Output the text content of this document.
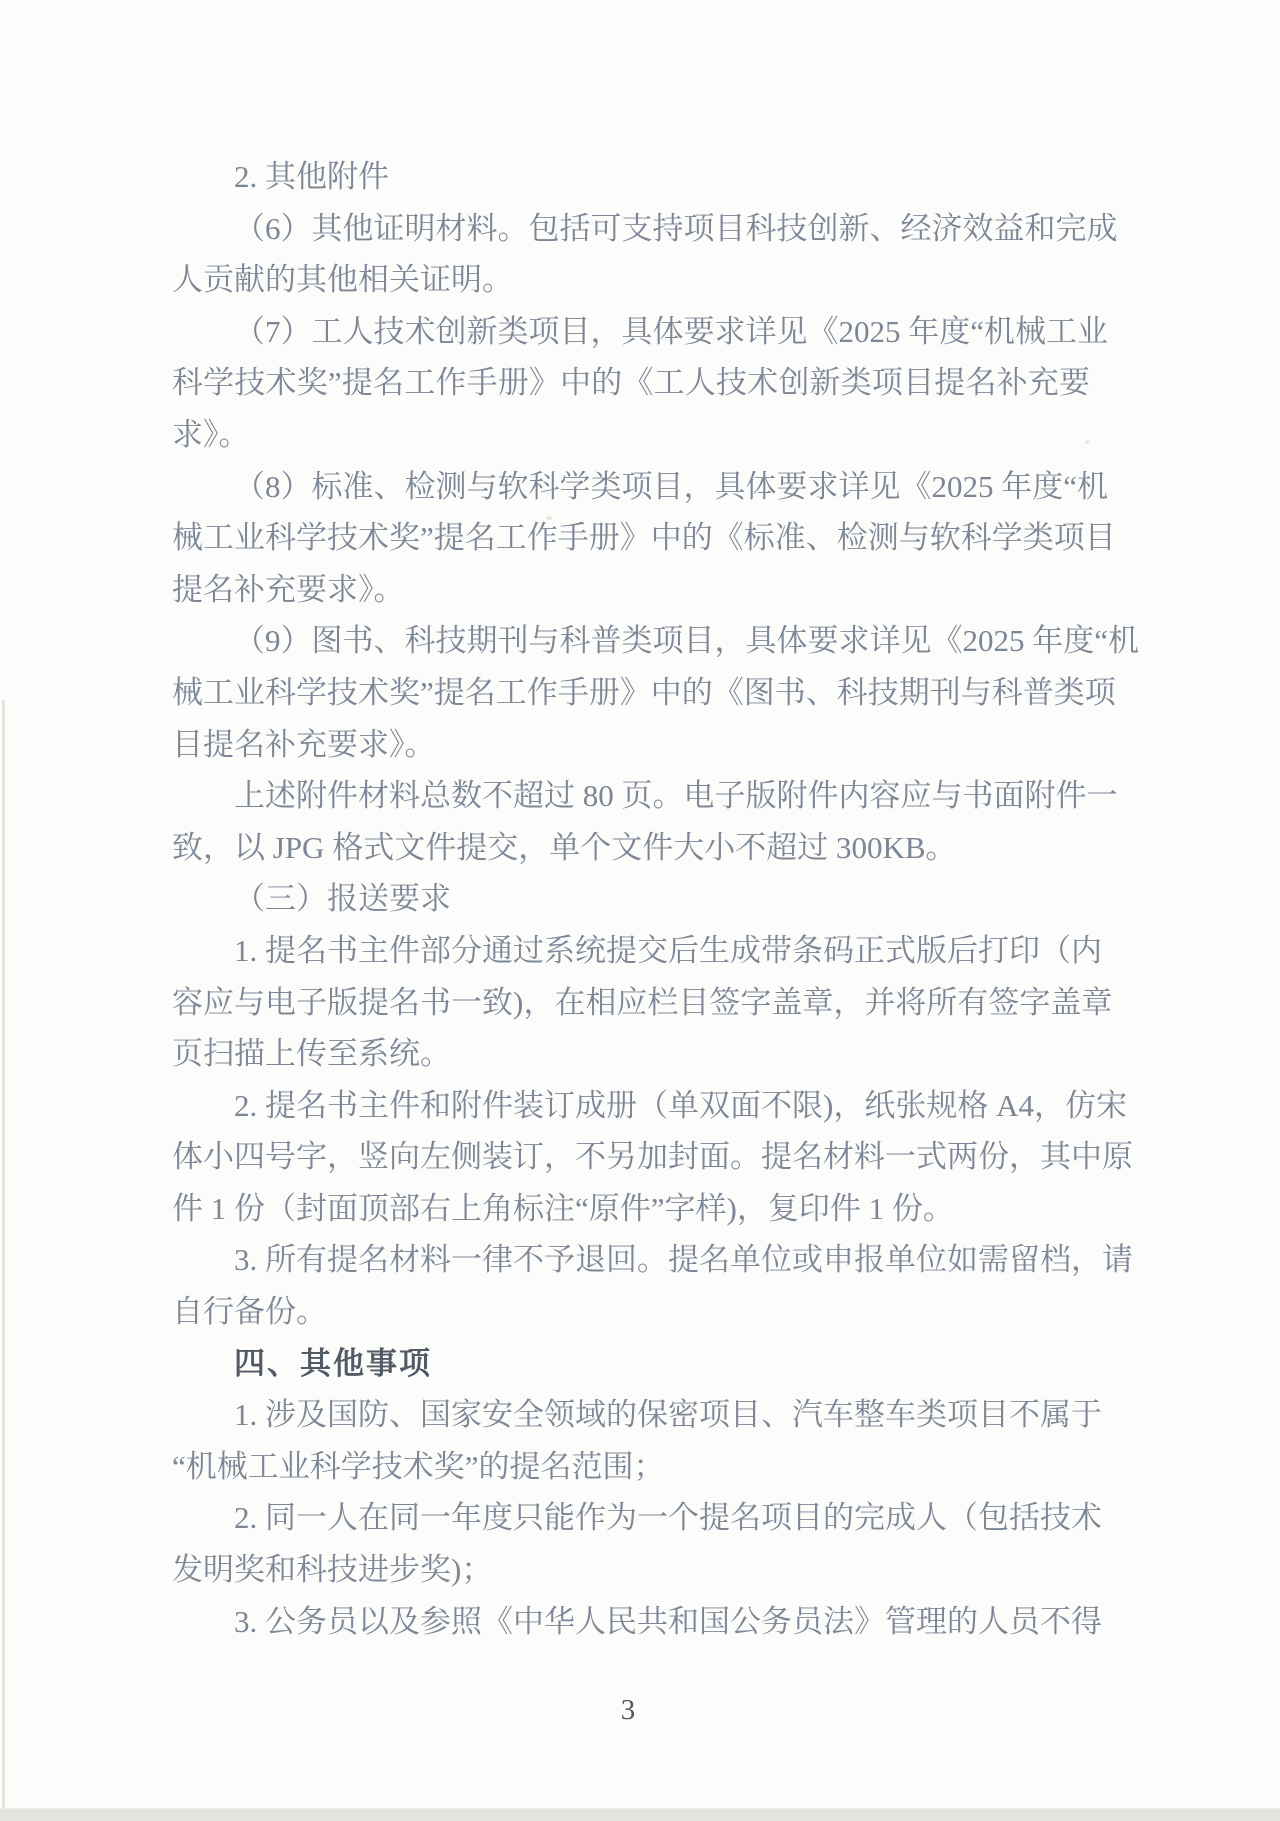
2. 其他附件
（6）其他证明材料。包括可支持项目科技创新、经济效益和完成
人贡献的其他相关证明。
（7）工人技术创新类项目，具体要求详见《2025 年度“机械工业
科学技术奖”提名工作手册》中的《工人技术创新类项目提名补充要
求》。
（8）标准、检测与软科学类项目，具体要求详见《2025 年度“机
械工业科学技术奖”提名工作手册》中的《标准、检测与软科学类项目
提名补充要求》。
（9）图书、科技期刊与科普类项目，具体要求详见《2025 年度“机
械工业科学技术奖”提名工作手册》中的《图书、科技期刊与科普类项
目提名补充要求》。
上述附件材料总数不超过 80 页。电子版附件内容应与书面附件一
致，以 JPG 格式文件提交，单个文件大小不超过 300KB。
（三）报送要求
1. 提名书主件部分通过系统提交后生成带条码正式版后打印（内
容应与电子版提名书一致)，在相应栏目签字盖章，并将所有签字盖章
页扫描上传至系统。
2. 提名书主件和附件装订成册（单双面不限)，纸张规格 A4，仿宋
体小四号字，竖向左侧装订，不另加封面。提名材料一式两份，其中原
件 1 份（封面顶部右上角标注“原件”字样)，复印件 1 份。
3. 所有提名材料一律不予退回。提名单位或申报单位如需留档，请
自行备份。
四、其他事项
1. 涉及国防、国家安全领域的保密项目、汽车整车类项目不属于
“机械工业科学技术奖”的提名范围；
2. 同一人在同一年度只能作为一个提名项目的完成人（包括技术
发明奖和科技进步奖)；
3. 公务员以及参照《中华人民共和国公务员法》管理的人员不得
3
